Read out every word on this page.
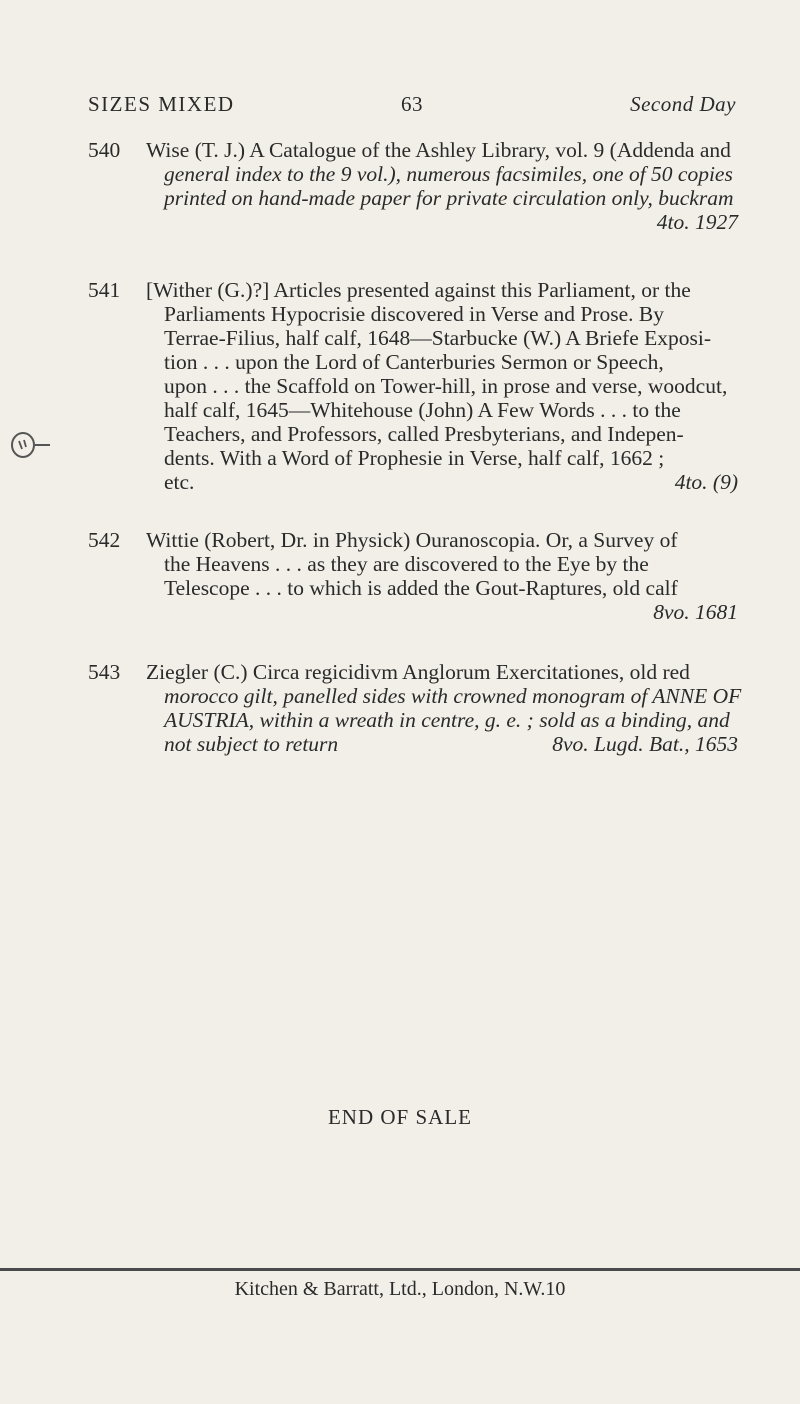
SIZES MIXED	63	Second Day
540 Wise (T. J.) A Catalogue of the Ashley Library, vol. 9 (Addenda and
general index to the 9 vol.), numerous facsimiles, one of 50 copies
printed on hand-made paper for private circulation only, buckram
4to. 1927
541 [Wither (G.)?] Articles presented against this Parliament, or the
Parliaments Hypocrisie discovered in Verse and Prose. By
Terrae-Filius, half calf, 1648—Starbucke (W.) A Briefe Exposi-
tion . . . upon the Lord of Canterburies Sermon or Speech,
upon . . . the Scaffold on Tower-hill, in prose and verse, woodcut,
half calf, 1645—Whitehouse (John) A Few Words . . . to the
Teachers, and Professors, called Presbyterians, and Indepen-
dents. With a Word of Prophesie in Verse, half calf, 1662 ;
etc.	4to. (9)
542 Wittie (Robert, Dr. in Physick) Ouranoscopia. Or, a Survey of
the Heavens . . . as they are discovered to the Eye by the
Telescope . . . to which is added the Gout-Raptures, old calf
8vo. 1681
543 Ziegler (C.) Circa regicidivm Anglorum Exercitationes, old red
morocco gilt, panelled sides with crowned monogram of ANNE OF
AUSTRIA, within a wreath in centre, g. e. ; sold as a binding, and
not subject to return	8vo. Lugd. Bat., 1653
END OF SALE
Kitchen & Barratt, Ltd., London, N.W.10
